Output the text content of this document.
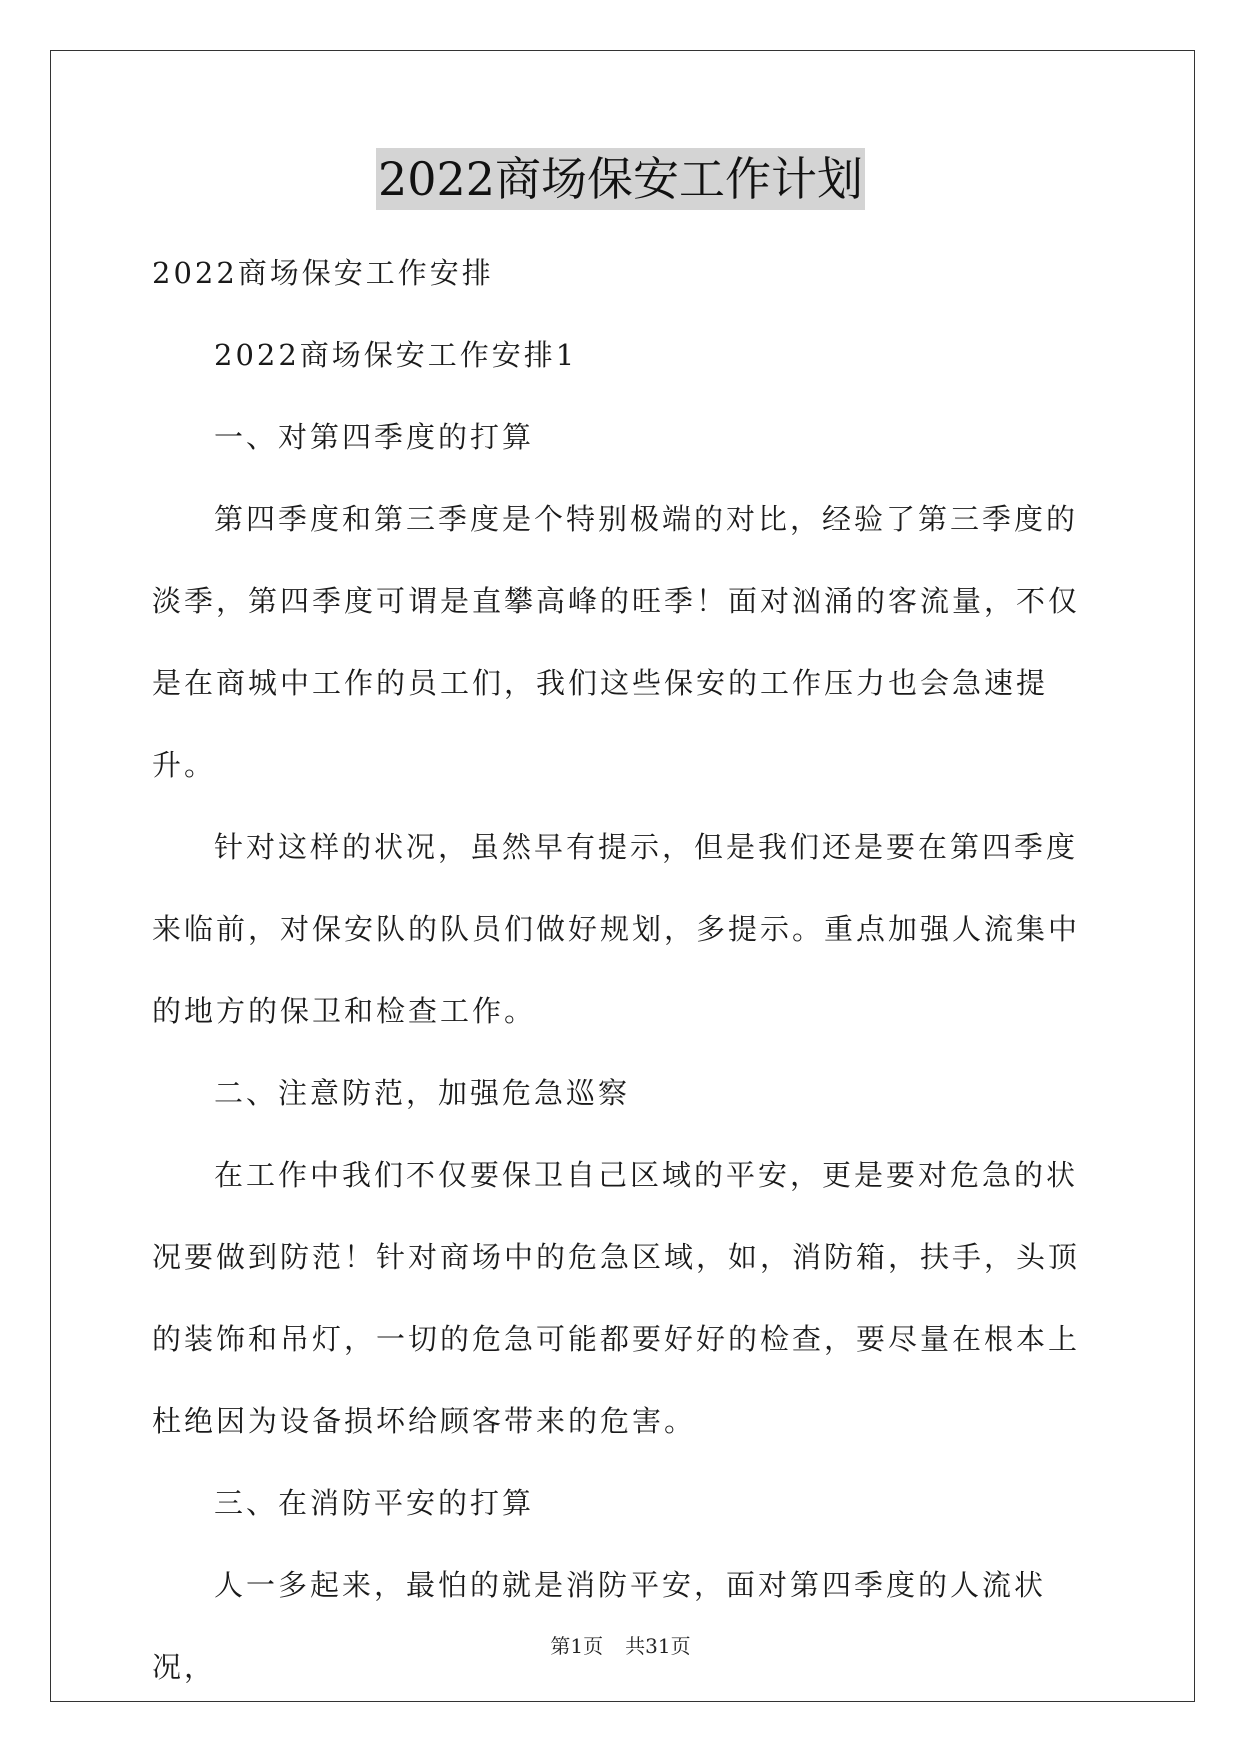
2022商场保安工作计划

2022商场保安工作安排

2022商场保安工作安排1

一、对第四季度的打算

第四季度和第三季度是个特别极端的对比，经验了第三季度的淡季，第四季度可谓是直攀高峰的旺季！面对汹涌的客流量，不仅是在商城中工作的员工们，我们这些保安的工作压力也会急速提升。

针对这样的状况，虽然早有提示，但是我们还是要在第四季度来临前，对保安队的队员们做好规划，多提示。重点加强人流集中的地方的保卫和检查工作。

二、注意防范，加强危急巡察

在工作中我们不仅要保卫自己区域的平安，更是要对危急的状况要做到防范！针对商场中的危急区域，如，消防箱，扶手，头顶的装饰和吊灯，一切的危急可能都要好好的检查，要尽量在根本上杜绝因为设备损坏给顾客带来的危害。

三、在消防平安的打算

人一多起来，最怕的就是消防平安，面对第四季度的人流状况，

第1页 共31页
